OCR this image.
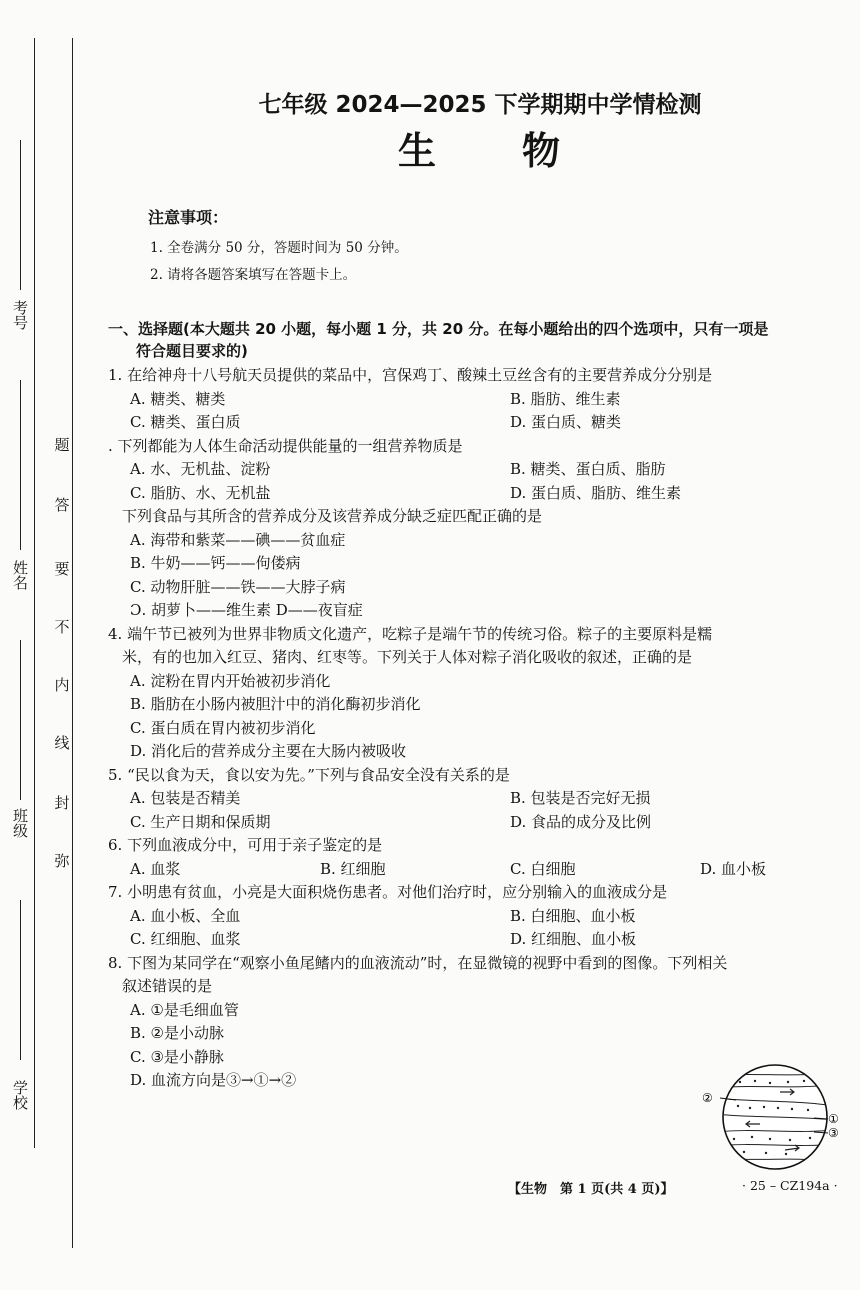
考号
姓名
班级
学校
题
答
要
不
内
线
封
弥
七年级 2024—2025 下学期期中学情检测
生 物
注意事项：
1. 全卷满分 50 分，答题时间为 50 分钟。
2. 请将各题答案填写在答题卡上。
一、选择题(本大题共 20 小题，每小题 1 分，共 20 分。在每小题给出的四个选项中，只有一项是
符合题目要求的)
1. 在给神舟十八号航天员提供的菜品中，宫保鸡丁、酸辣土豆丝含有的主要营养成分分别是
A. 糖类、糖类	B. 脂肪、维生素
C. 糖类、蛋白质	D. 蛋白质、糖类
. 下列都能为人体生命活动提供能量的一组营养物质是
A. 水、无机盐、淀粉	B. 糖类、蛋白质、脂肪
C. 脂肪、水、无机盐	D. 蛋白质、脂肪、维生素
下列食品与其所含的营养成分及该营养成分缺乏症匹配正确的是
A. 海带和紫菜——碘——贫血症
B. 牛奶——钙——佝偻病
C. 动物肝脏——铁——大脖子病
Ɔ. 胡萝卜——维生素 D——夜盲症
4. 端午节已被列为世界非物质文化遗产，吃粽子是端午节的传统习俗。粽子的主要原料是糯
米，有的也加入红豆、猪肉、红枣等。下列关于人体对粽子消化吸收的叙述，正确的是
A. 淀粉在胃内开始被初步消化
B. 脂肪在小肠内被胆汁中的消化酶初步消化
C. 蛋白质在胃内被初步消化
D. 消化后的营养成分主要在大肠内被吸收
5. “民以食为天，食以安为先。”下列与食品安全没有关系的是
A. 包装是否精美	B. 包装是否完好无损
C. 生产日期和保质期	D. 食品的成分及比例
6. 下列血液成分中，可用于亲子鉴定的是
A. 血浆	B. 红细胞	C. 白细胞	D. 血小板
7. 小明患有贫血，小亮是大面积烧伤患者。对他们治疗时，应分别输入的血液成分是
A. 血小板、全血	B. 白细胞、血小板
C. 红细胞、血浆	D. 红细胞、血小板
8. 下图为某同学在“观察小鱼尾鳍内的血液流动”时，在显微镜的视野中看到的图像。下列相关
叙述错误的是
A. ①是毛细血管
B. ②是小动脉
C. ③是小静脉
D. 血流方向是③→①→②
②
①
③
【生物　第 1 页(共 4 页)】	· 25 – CZ194a ·
